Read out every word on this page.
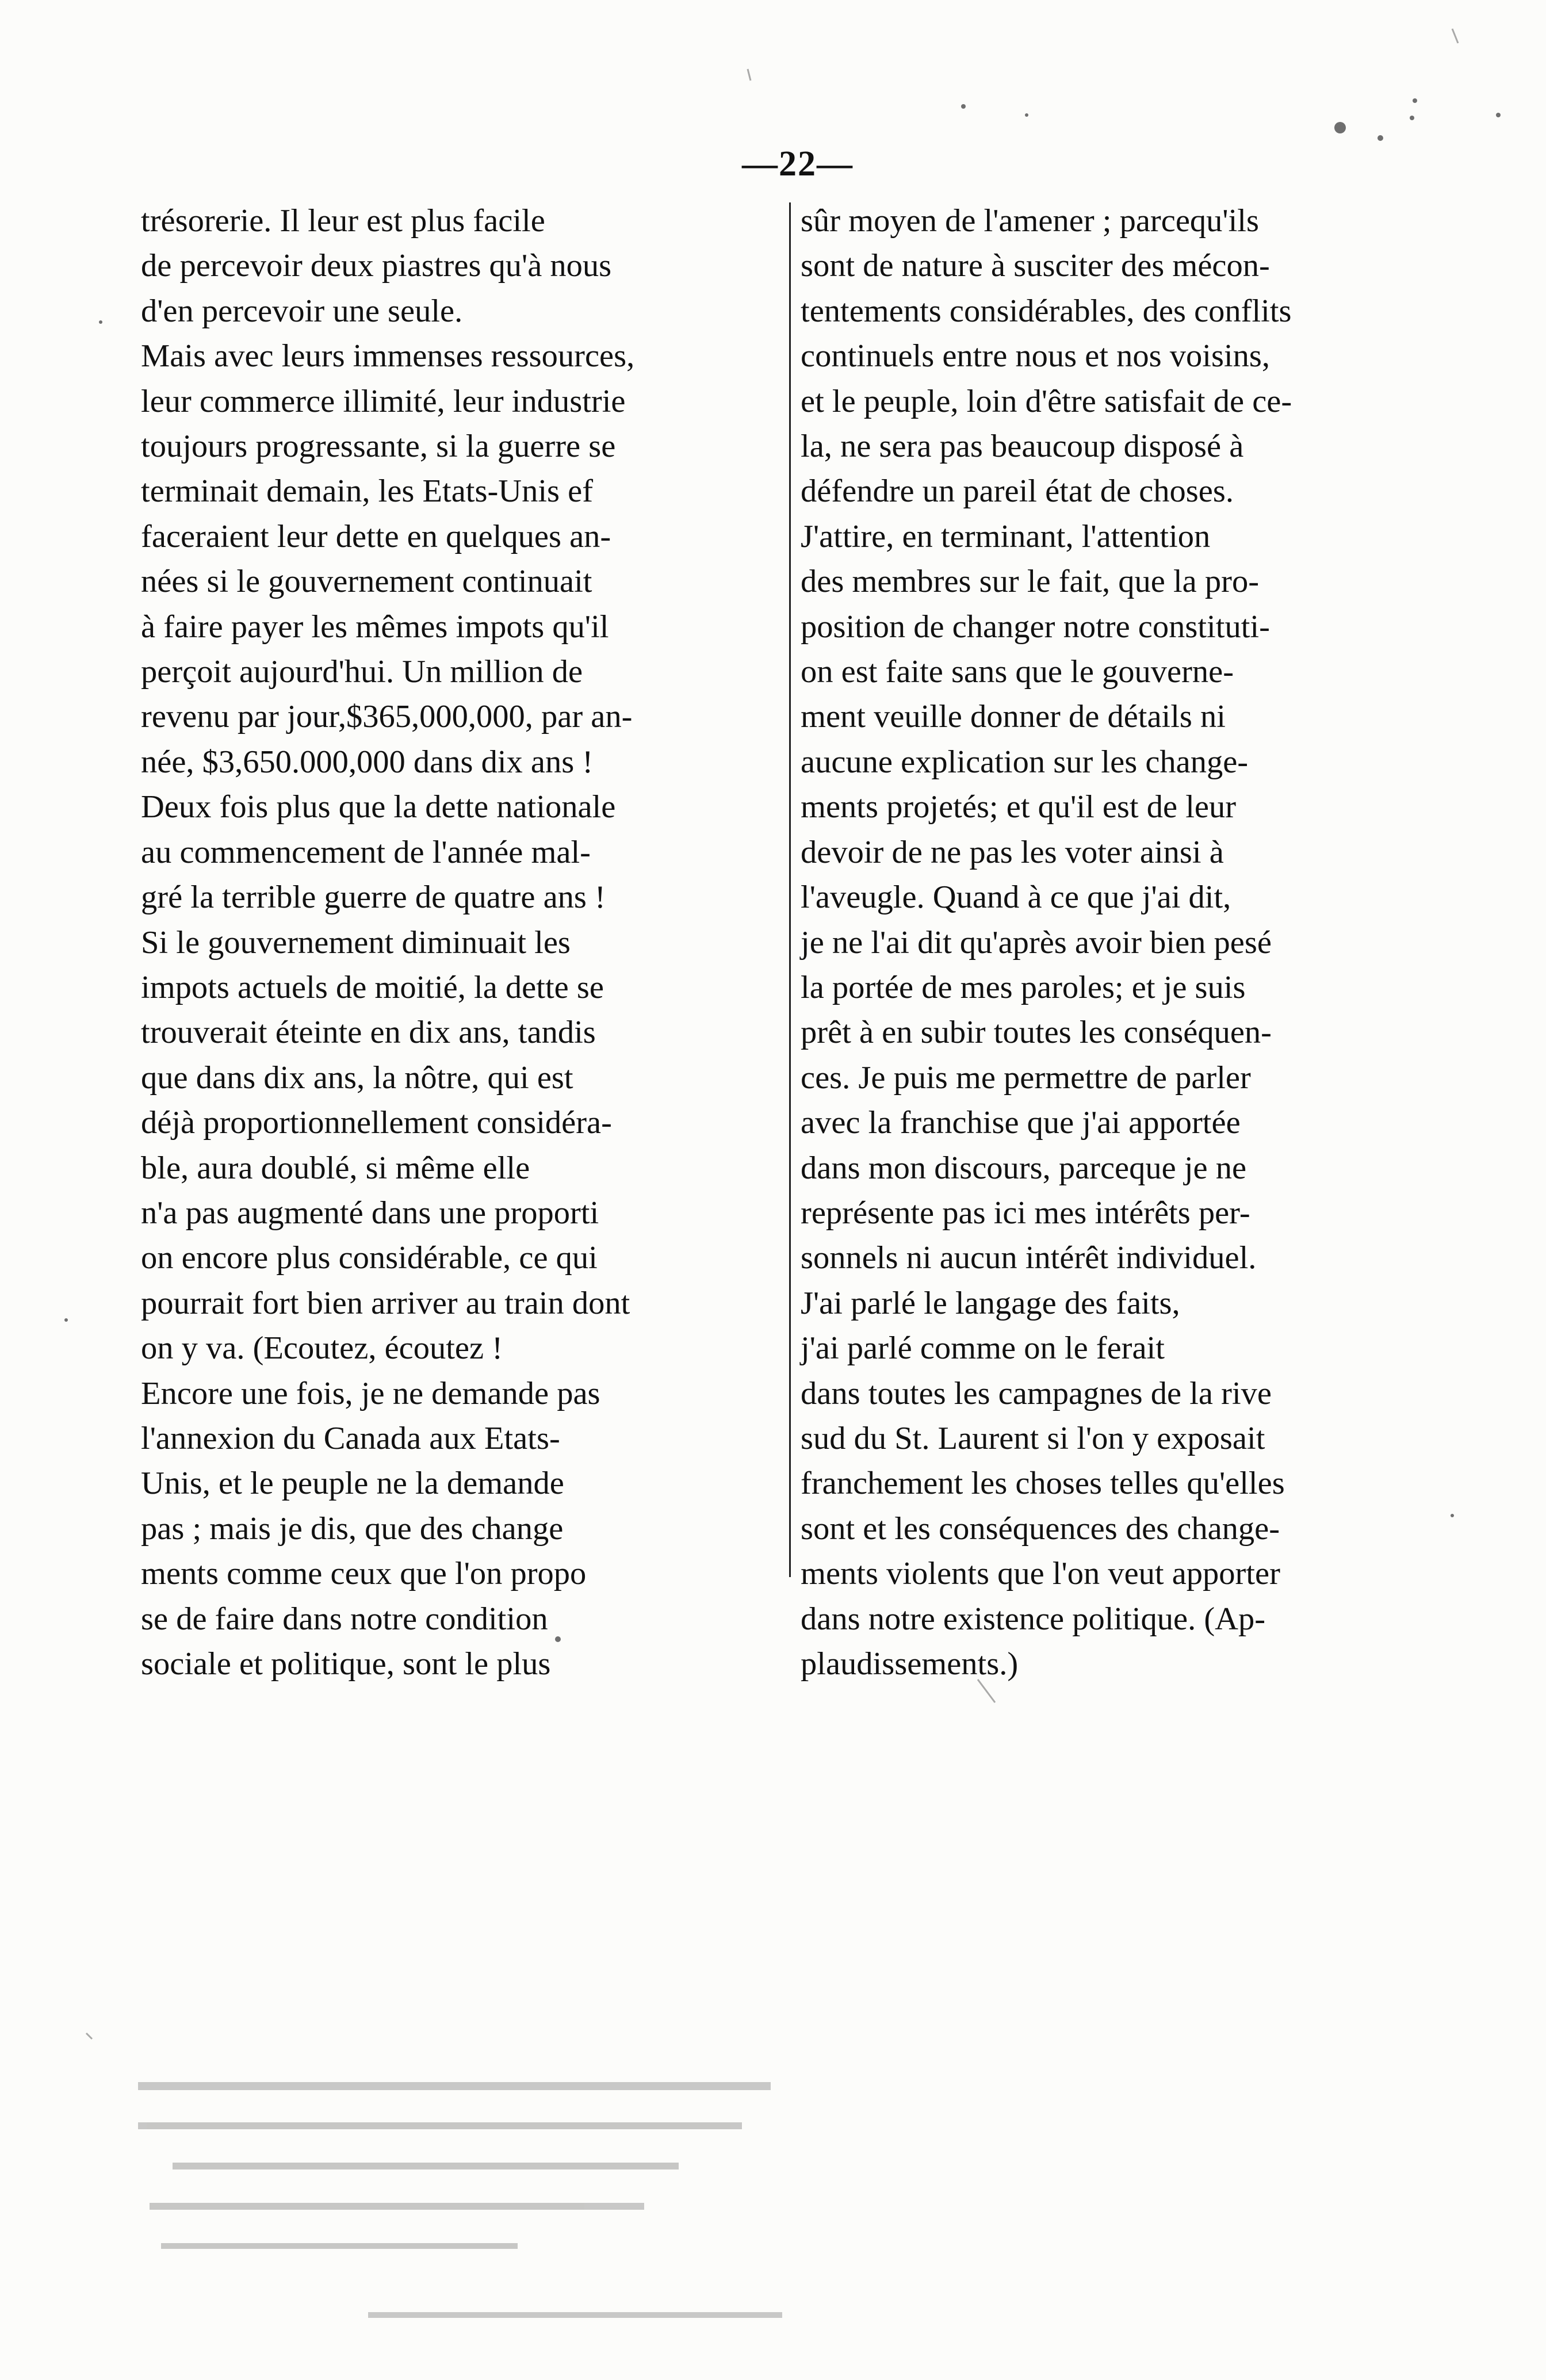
—22—
trésorerie. Il leur est plus facile
de percevoir deux piastres qu'à nous
d'en percevoir une seule.
Mais avec leurs immenses ressources,
leur commerce illimité, leur industrie
toujours progressante, si la guerre se
terminait demain, les Etats-Unis ef
faceraient leur dette en quelques an-
nées si le gouvernement continuait
à faire payer les mêmes impots qu'il
perçoit aujourd'hui. Un million de
revenu par jour,$365,000,000, par an-
née, $3,650.000,000 dans dix ans !
Deux fois plus que la dette nationale
au commencement de l'année mal-
gré la terrible guerre de quatre ans !
Si le gouvernement diminuait les
impots actuels de moitié, la dette se
trouverait éteinte en dix ans, tandis
que dans dix ans, la nôtre, qui est
déjà proportionnellement considéra-
ble, aura doublé, si même elle
n'a pas augmenté dans une proporti
on encore plus considérable, ce qui
pourrait fort bien arriver au train dont
on y va. (Ecoutez, écoutez !
Encore une fois, je ne demande pas
l'annexion du Canada aux Etats-
Unis, et le peuple ne la demande
pas ; mais je dis, que des change
ments comme ceux que l'on propo
se de faire dans notre condition
sociale et politique, sont le plus
sûr moyen de l'amener ; parcequ'ils
sont de nature à susciter des mécon-
tentements considérables, des conflits
continuels entre nous et nos voisins,
et le peuple, loin d'être satisfait de ce-
la, ne sera pas beaucoup disposé à
défendre un pareil état de choses.
J'attire, en terminant, l'attention
des membres sur le fait, que la pro-
position de changer notre constituti-
on est faite sans que le gouverne-
ment veuille donner de détails ni
aucune explication sur les change-
ments projetés; et qu'il est de leur
devoir de ne pas les voter ainsi à
l'aveugle. Quand à ce que j'ai dit,
je ne l'ai dit qu'après avoir bien pesé
la portée de mes paroles; et je suis
prêt à en subir toutes les conséquen-
ces. Je puis me permettre de parler
avec la franchise que j'ai apportée
dans mon discours, parceque je ne
représente pas ici mes intérêts per-
sonnels ni aucun intérêt individuel.
J'ai parlé le langage des faits,
j'ai parlé comme on le ferait
dans toutes les campagnes de la rive
sud du St. Laurent si l'on y exposait
franchement les choses telles qu'elles
sont et les conséquences des change-
ments violents que l'on veut apporter
dans notre existence politique. (Ap-
plaudissements.)
